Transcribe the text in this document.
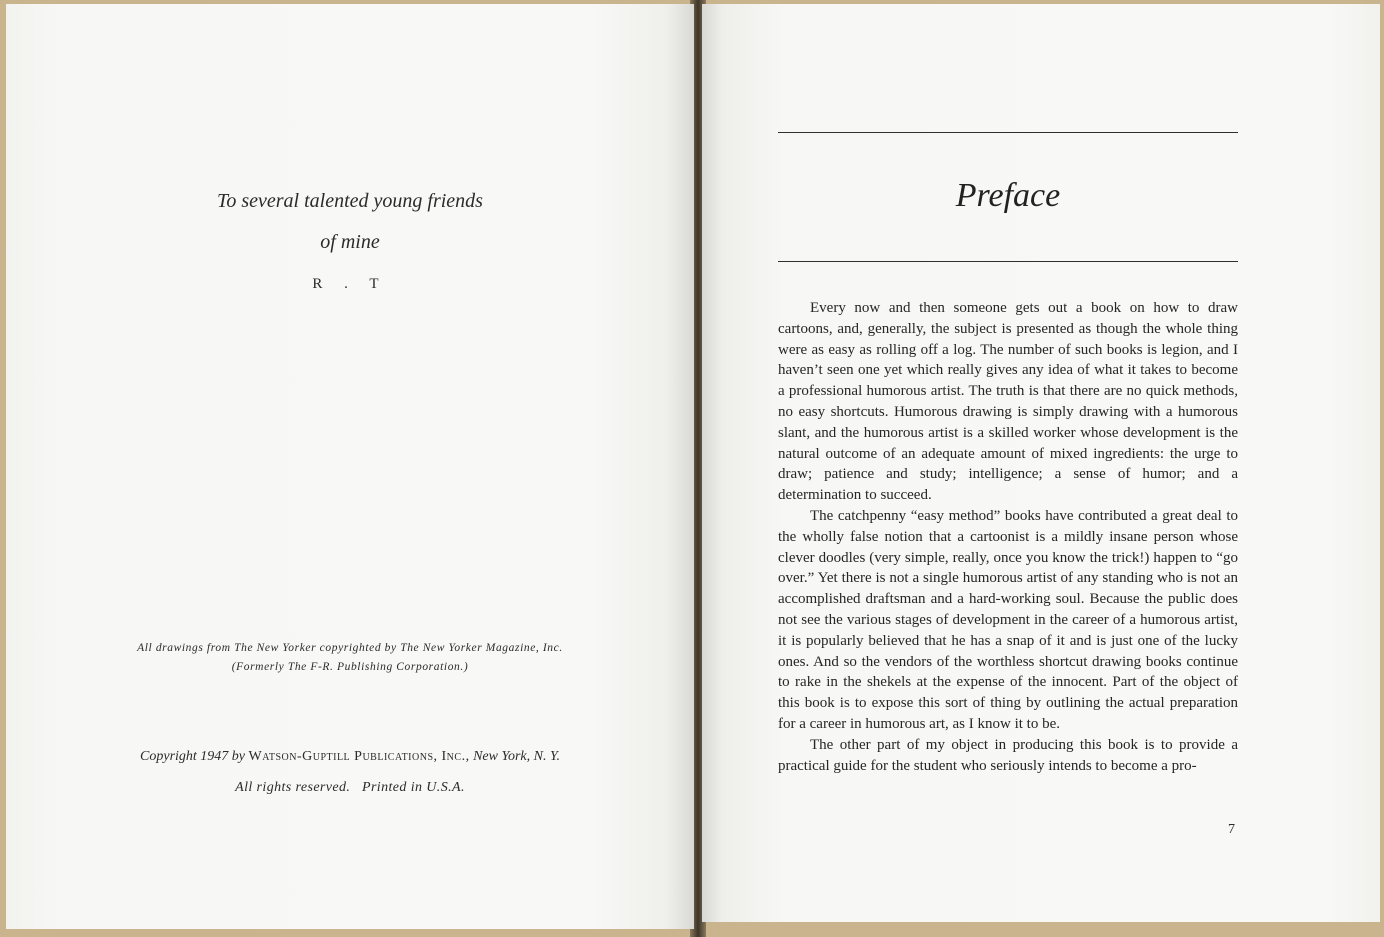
To several talented young friends
of mine
R . T
All drawings from The New Yorker copyrighted by The New Yorker Magazine, Inc.
(Formerly The F-R. Publishing Corporation.)
Copyright 1947 by Watson-Guptill Publications, Inc., New York, N. Y.
All rights reserved.   Printed in U.S.A.
Preface

Every now and then someone gets out a book on how to draw cartoons, and, generally, the subject is presented as though the whole thing were as easy as rolling off a log. The number of such books is legion, and I haven’t seen one yet which really gives any idea of what it takes to become a professional humorous artist. The truth is that there are no quick methods, no easy shortcuts. Humorous drawing is simply drawing with a humorous slant, and the humorous artist is a skilled worker whose development is the natural outcome of an adequate amount of mixed ingredients: the urge to draw; patience and study; intelligence; a sense of humor; and a determination to succeed.

The catchpenny “easy method” books have contributed a great deal to the wholly false notion that a cartoonist is a mildly insane person whose clever doodles (very simple, really, once you know the trick!) happen to “go over.” Yet there is not a single humorous artist of any standing who is not an accomplished draftsman and a hard-working soul. Because the public does not see the various stages of development in the career of a humorous artist, it is popularly believed that he has a snap of it and is just one of the lucky ones. And so the vendors of the worthless shortcut drawing books continue to rake in the shekels at the expense of the innocent. Part of the object of this book is to expose this sort of thing by outlining the actual preparation for a career in humorous art, as I know it to be.

The other part of my object in producing this book is to provide a practical guide for the student who seriously intends to become a pro-

7
